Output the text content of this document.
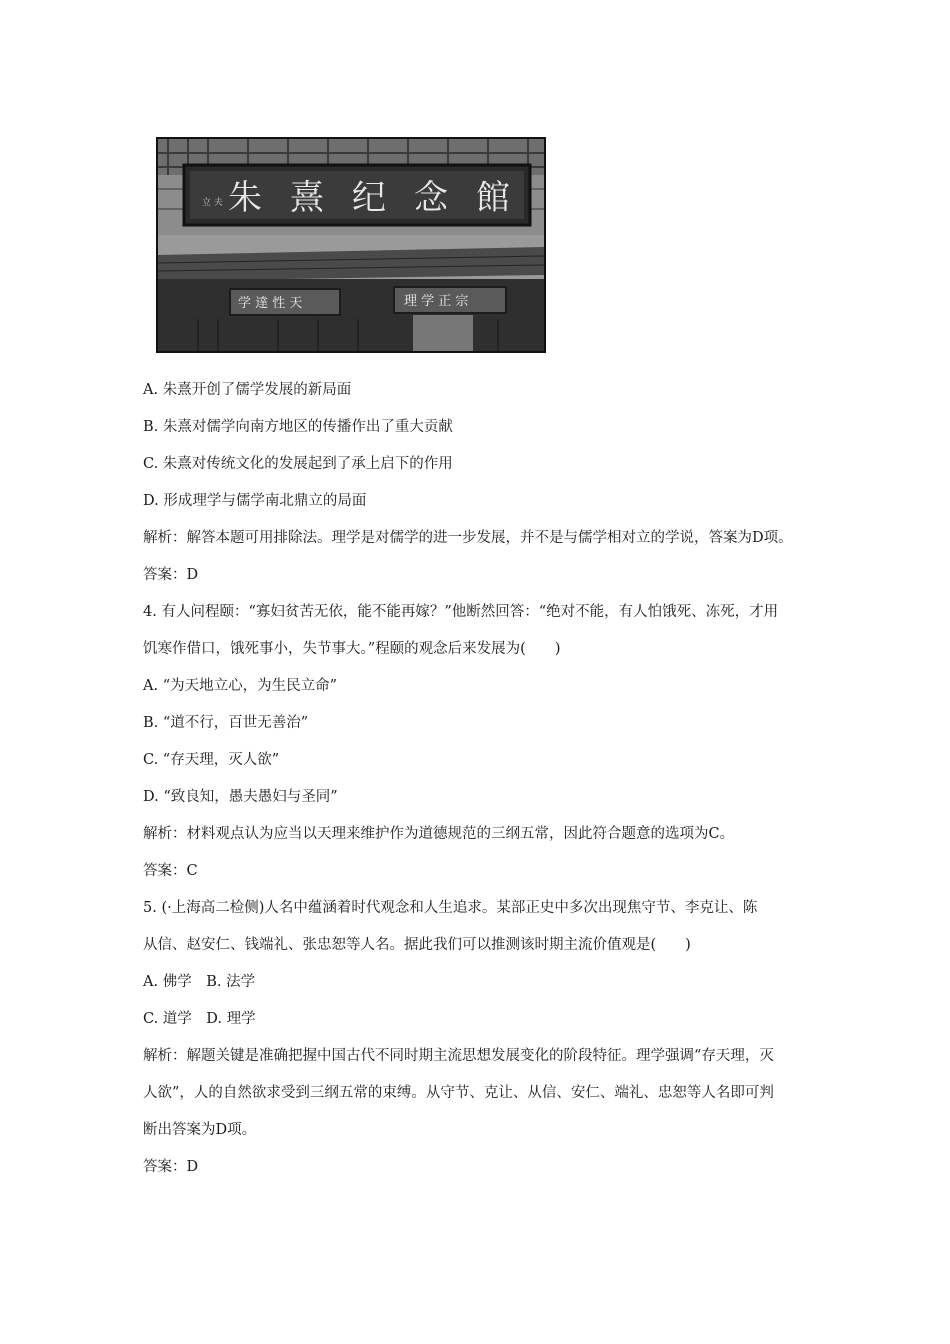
立 夫 朱熹纪念館
学 達 性 天	理 学 正 宗

A. 朱熹开创了儒学发展的新局面

B. 朱熹对儒学向南方地区的传播作出了重大贡献

C. 朱熹对传统文化的发展起到了承上启下的作用

D. 形成理学与儒学南北鼎立的局面

解析：解答本题可用排除法。理学是对儒学的进一步发展，并不是与儒学相对立的学说，答案为D项。

答案：D

4. 有人问程颐：“寡妇贫苦无依，能不能再嫁？”他断然回答：“绝对不能，有人怕饿死、冻死，才用

饥寒作借口，饿死事小，失节事大。”程颐的观念后来发展为(　　)

A. “为天地立心，为生民立命”

B. “道不行，百世无善治”

C. “存天理，灭人欲”

D. “致良知，愚夫愚妇与圣同”

解析：材料观点认为应当以天理来维护作为道德规范的三纲五常，因此符合题意的选项为C。

答案：C

5. (·上海高二检侧)人名中蕴涵着时代观念和人生追求。某部正史中多次出现焦守节、李克让、陈

从信、赵安仁、钱端礼、张忠恕等人名。据此我们可以推测该时期主流价值观是(　　)

A. 佛学　B. 法学

C. 道学　D. 理学

解析：解题关键是准确把握中国古代不同时期主流思想发展变化的阶段特征。理学强调“存天理，灭

人欲”，人的自然欲求受到三纲五常的束缚。从守节、克让、从信、安仁、端礼、忠恕等人名即可判

断出答案为D项。

答案：D
